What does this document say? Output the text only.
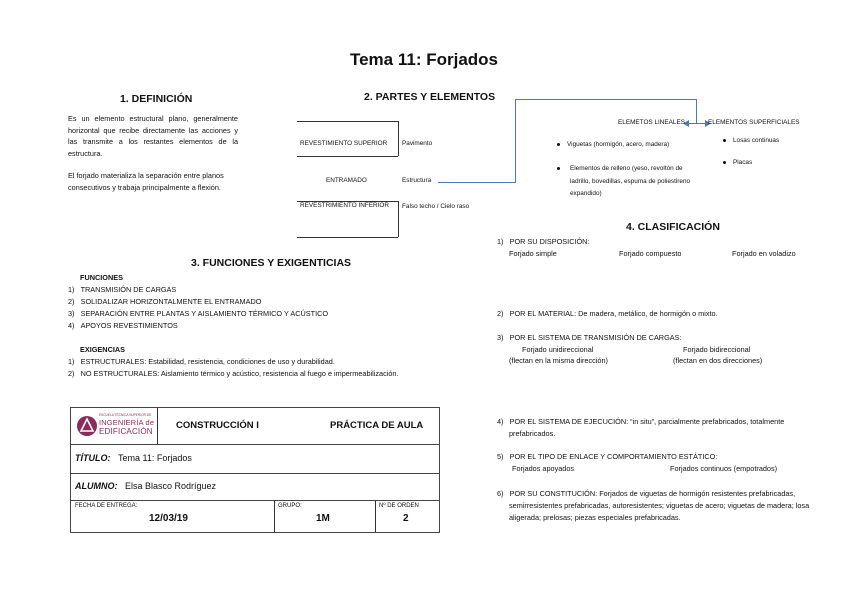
Tema 11: Forjados
1. DEFINICIÓN
Es un elemento estructural plano, generalmente horizontal que recibe directamente las acciones y las transmite a los restantes elementos de la estructura.
El forjado materializa la separación entre planos consecutivos y trabaja principalmente a flexión.
2. PARTES Y ELEMENTOS
REVESTIMIENTO SUPERIOR Pavimento
ENTRAMADO	Estructura
REVESTRIMIENTO INFERIOR Falso techo / Cielo raso
ELEMETOS LINEALES	ELEMENTOS SUPERFICIALES
Viguetas (hormigón, acero, madera)
Elementos de relleno (yeso, revoltón de ladrillo, bovedillas, espuma de poliestireno expandido)
Losas continuas
Placas
3. FUNCIONES Y EXIGENTICIAS
FUNCIONES
1)   TRANSMISIÓN DE CARGAS
2)   SOLIDALIZAR HORIZONTALMENTE EL ENTRAMADO
3)   SEPARACIÓN ENTRE PLANTAS Y AISLAMIENTO TÉRMICO Y ACÚSTICO
4)   APOYOS REVESTIMIENTOS
EXIGENCIAS
1)   ESTRUCTURALES: Estabilidad, resistencia, condiciones de uso y durabilidad.
2)   NO ESTRUCTURALES: Aislamiento térmico y acústico, resistencia al fuego e impermeabilización.
4. CLASIFICACIÓN
1) POR SU DISPOSICIÓN:
Forjado simple	Forjado compuesto	Forjado en voladizo
2) POR EL MATERIAL: De madera, metálico, de hormigón o mixto.
3) POR EL SISTEMA DE TRANSMISIÓN DE CARGAS:
Forjado unidireccional	Forjado bidireccional
(flectan en la misma dirección)	(flectan en dos direcciones)
4) POR EL SISTEMA DE EJECUCIÓN: “in situ”, parcialmente prefabricados, totalmente
prefabricados.
5) POR EL TIPO DE ENLACE Y COMPORTAMIENTO ESTÁTICO:
Forjados apoyados	Forjados continuos (empotrados)
6) POR SU CONSTITUCIÓN: Forjados de viguetas de hormigón resistentes prefabricadas,
semirresistentes prefabricadas, autoresistentes; viguetas de acero; viguetas de madera; losa
aligerada; prelosas; piezas especiales prefabricadas.
ESCUELA TÉCNICA SUPERIOR DE
INGENIERÍA de
EDIFICACIÓN
CONSTRUCCIÓN I	PRÁCTICA DE AULA
TÍTULO: Tema 11: Forjados
ALUMNO: Elsa Blasco Rodríguez
FECHA DE ENTREGA:
12/03/19
GRUPO:
1M
Nº DE ORDEN
2
